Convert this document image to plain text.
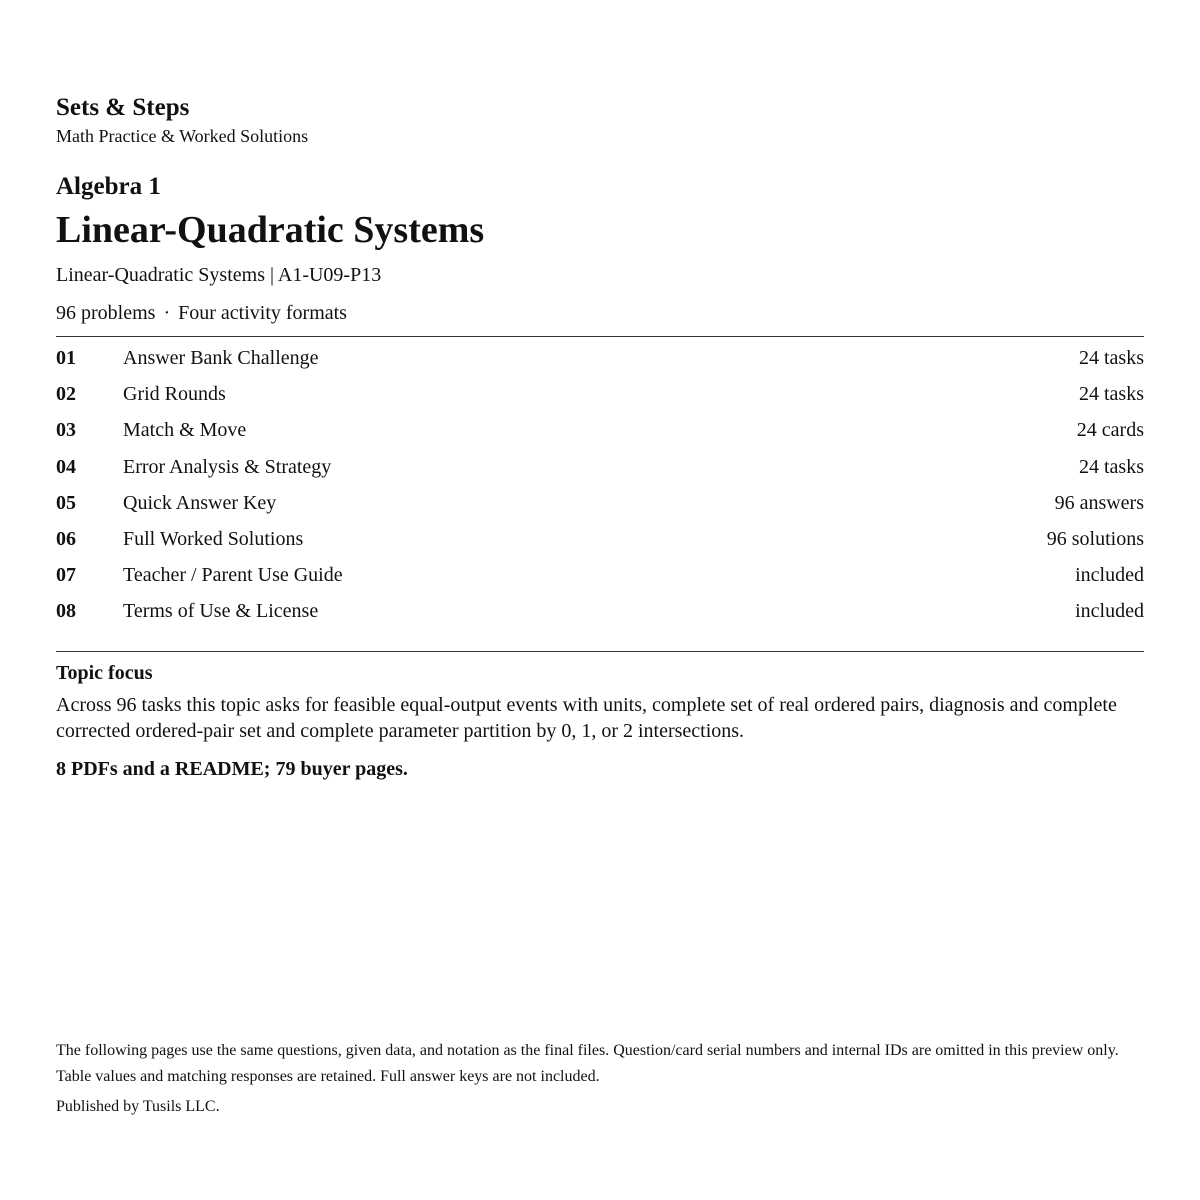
Sets & Steps

Math Practice & Worked Solutions

Algebra 1

Linear-Quadratic Systems

Linear-Quadratic Systems | A1-U09-P13

96 problems · Four activity formats

01	Answer Bank Challenge	24 tasks
02	Grid Rounds	24 tasks
03	Match & Move	24 cards
04	Error Analysis & Strategy	24 tasks
05	Quick Answer Key	96 answers
06	Full Worked Solutions	96 solutions
07	Teacher / Parent Use Guide	included
08	Terms of Use & License	included

Topic focus

Across 96 tasks this topic asks for feasible equal-output events with units, complete set of real ordered pairs, diagnosis and complete corrected ordered-pair set and complete parameter partition by 0, 1, or 2 intersections.

8 PDFs and a README; 79 buyer pages.

The following pages use the same questions, given data, and notation as the final files. Question/card serial numbers and internal IDs are omitted in this preview only. Table values and matching responses are retained. Full answer keys are not included.

Published by Tusils LLC.
